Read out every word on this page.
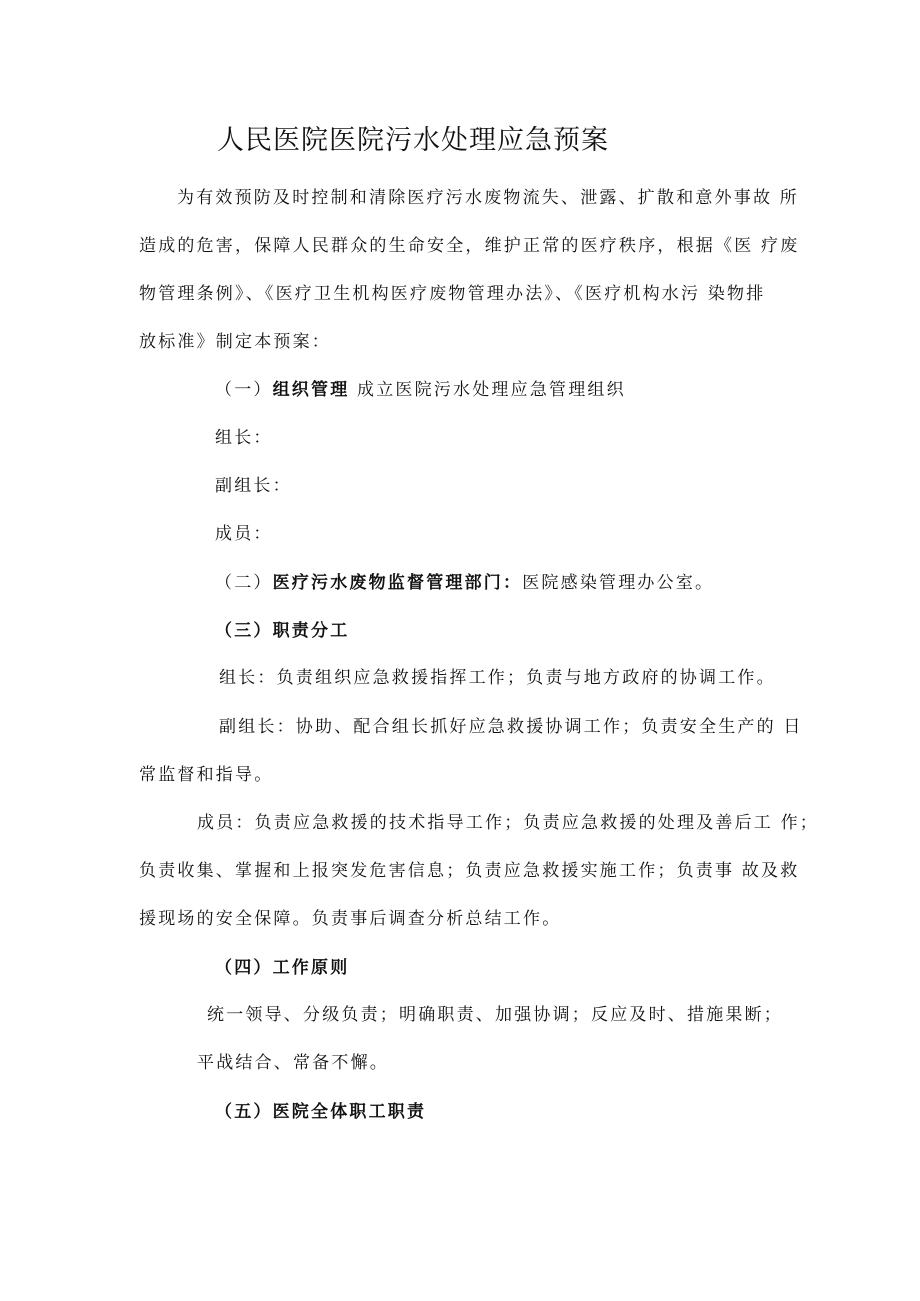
人民医院医院污水处理应急预案
为有效预防及时控制和清除医疗污水废物流失、泄露、扩散和意外事故 所
造成的危害，保障人民群众的生命安全，维护正常的医疗秩序，根据《医 疗废
物管理条例》、《医疗卫生机构医疗废物管理办法》、《医疗机构水污 染物排
放标准》制定本预案：
（一）组织管理 成立医院污水处理应急管理组织
组长：
副组长：
成员：
（二）医疗污水废物监督管理部门：医院感染管理办公室。
（三）职责分工
组长：负责组织应急救援指挥工作；负责与地方政府的协调工作。
副组长：协助、配合组长抓好应急救援协调工作；负责安全生产的 日
常监督和指导。
成员：负责应急救援的技术指导工作；负责应急救援的处理及善后工 作；
负责收集、掌握和上报突发危害信息；负责应急救援实施工作；负责事 故及救
援现场的安全保障。负责事后调查分析总结工作。
（四）工作原则
统一领导、分级负责；明确职责、加强协调；反应及时、措施果断；
平战结合、常备不懈。
（五）医院全体职工职责
